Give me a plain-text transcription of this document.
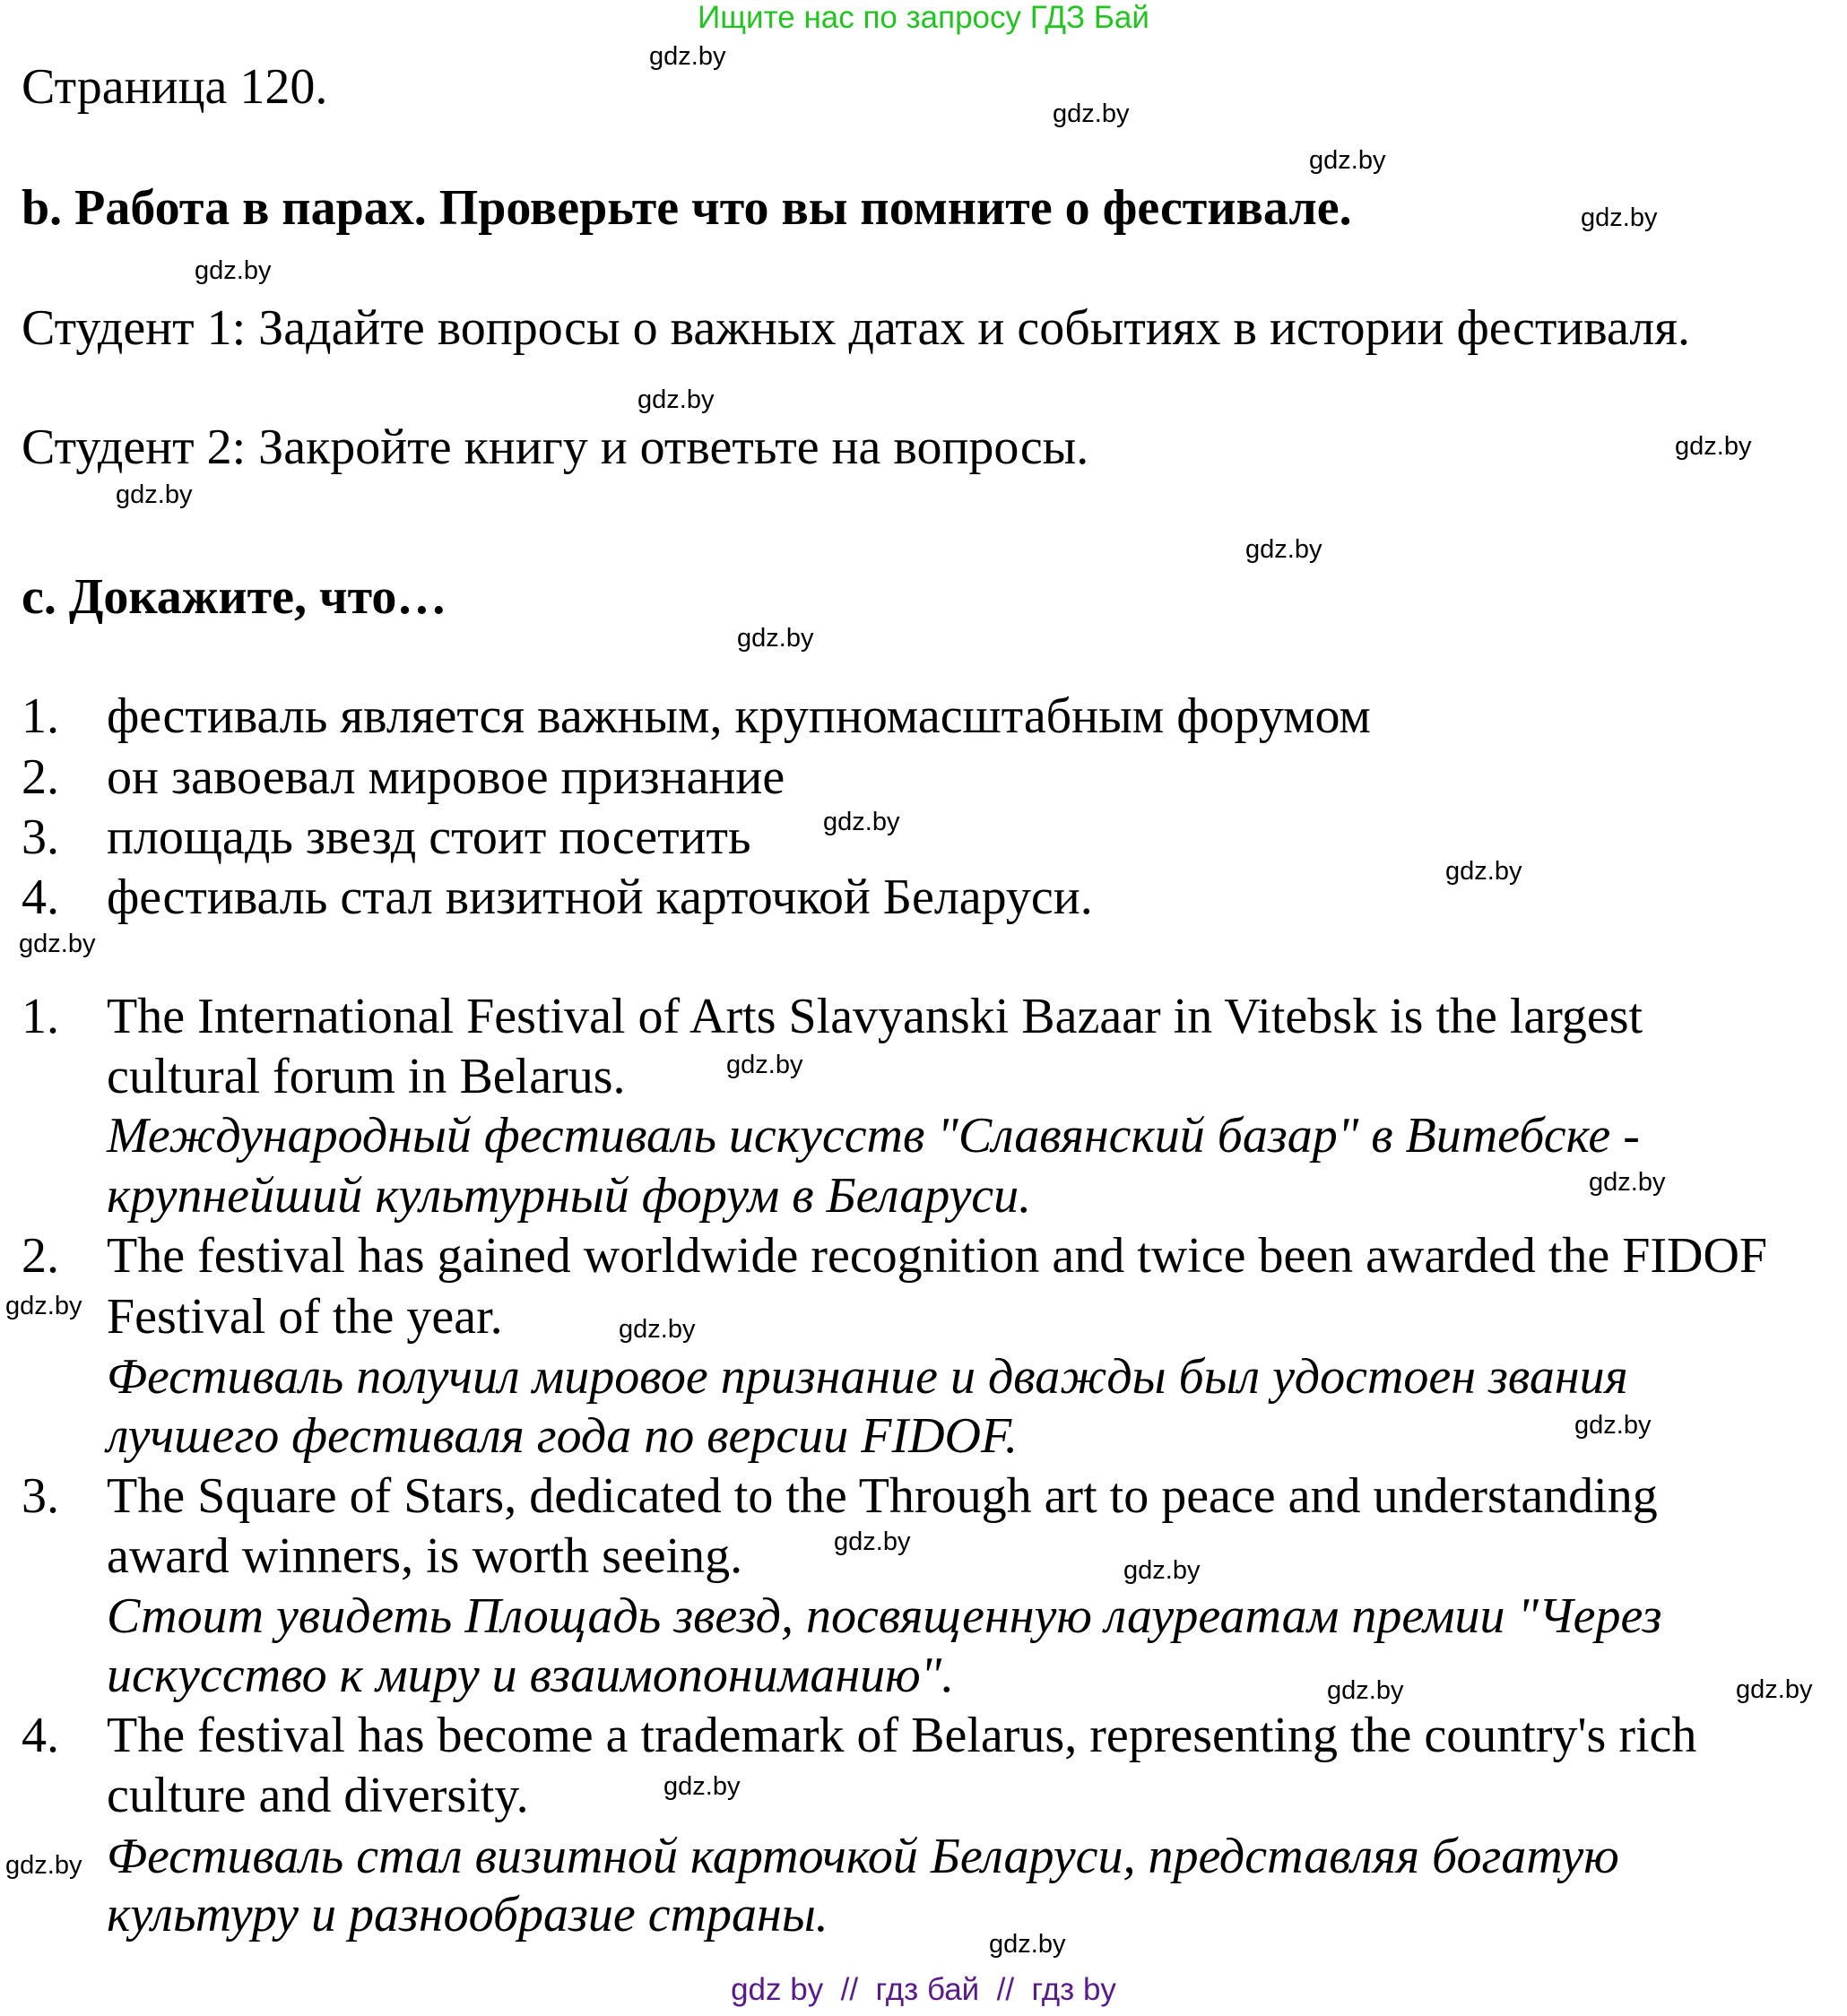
Ищите нас по запросу ГДЗ Бай
Страница 120.
b. Работа в парах. Проверьте что вы помните о фестивале.
Студент 1: Задайте вопросы о важных датах и событиях в истории фестиваля.
Студент 2: Закройте книгу и ответьте на вопросы.
c. Докажите, что…
1. фестиваль является важным, крупномасштабным форумом
2. он завоевал мировое признание
3. площадь звезд стоит посетить
4. фестиваль стал визитной карточкой Беларуси.
1. The International Festival of Arts Slavyanski Bazaar in Vitebsk is the largest
cultural forum in Belarus.
Международный фестиваль искусств "Славянский базар" в Витебске -
крупнейший культурный форум в Беларуси.
2. The festival has gained worldwide recognition and twice been awarded the FIDOF
Festival of the year.
Фестиваль получил мировое признание и дважды был удостоен звания
лучшего фестиваля года по версии FIDOF.
3. The Square of Stars, dedicated to the Through art to peace and understanding
award winners, is worth seeing.
Стоит увидеть Площадь звезд, посвященную лауреатам премии "Через
искусство к миру и взаимопониманию".
4. The festival has become a trademark of Belarus, representing the country's rich
culture and diversity.
Фестиваль стал визитной карточкой Беларуси, представляя богатую
культуру и разнообразие страны.
gdz.by
gdz.by
gdz.by
gdz.by
gdz.by
gdz.by
gdz.by
gdz.by
gdz.by
gdz.by
gdz.by
gdz.by
gdz.by
gdz.by
gdz.by
gdz.by
gdz.by
gdz.by
gdz.by
gdz.by
gdz.by	gdz.by
gdz.by
gdz.by
gdz.by
gdz by  //  гдз бай  //  гдз by
